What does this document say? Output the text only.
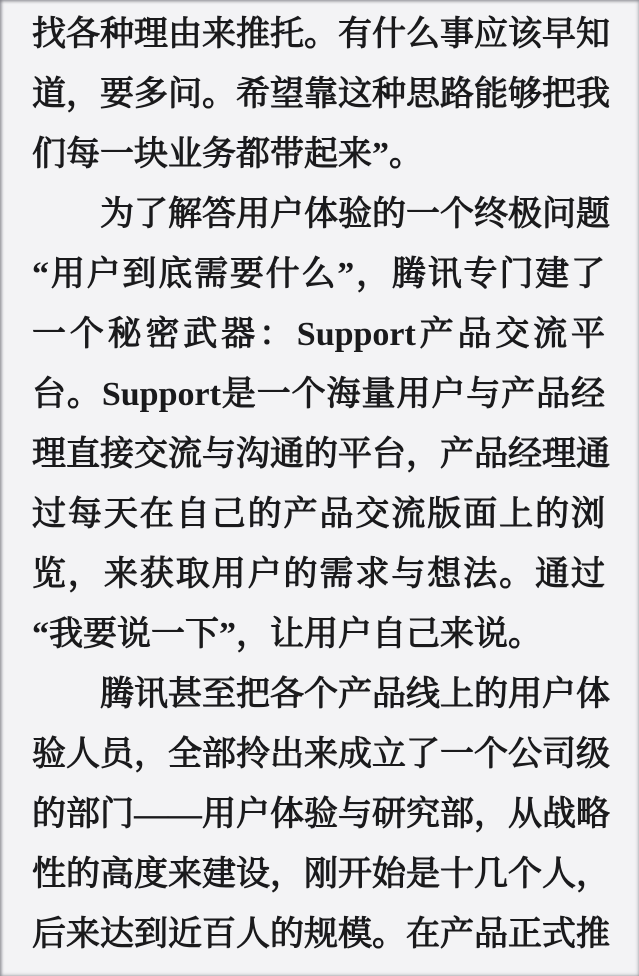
找各种理由来推托。有什么事应该早知

道，要多问。希望靠这种思路能够把我

们每一块业务都带起来”。

为了解答用户体验的一个终极问题

“用户到底需要什么”，腾讯专门建了

一个秘密武器：Support产品交流平

台。Support是一个海量用户与产品经

理直接交流与沟通的平台，产品经理通

过每天在自己的产品交流版面上的浏

览，来获取用户的需求与想法。通过

“我要说一下”，让用户自己来说。

腾讯甚至把各个产品线上的用户体

验人员，全部拎出来成立了一个公司级

的部门——用户体验与研究部，从战略

性的高度来建设，刚开始是十几个人，

后来达到近百人的规模。在产品正式推
